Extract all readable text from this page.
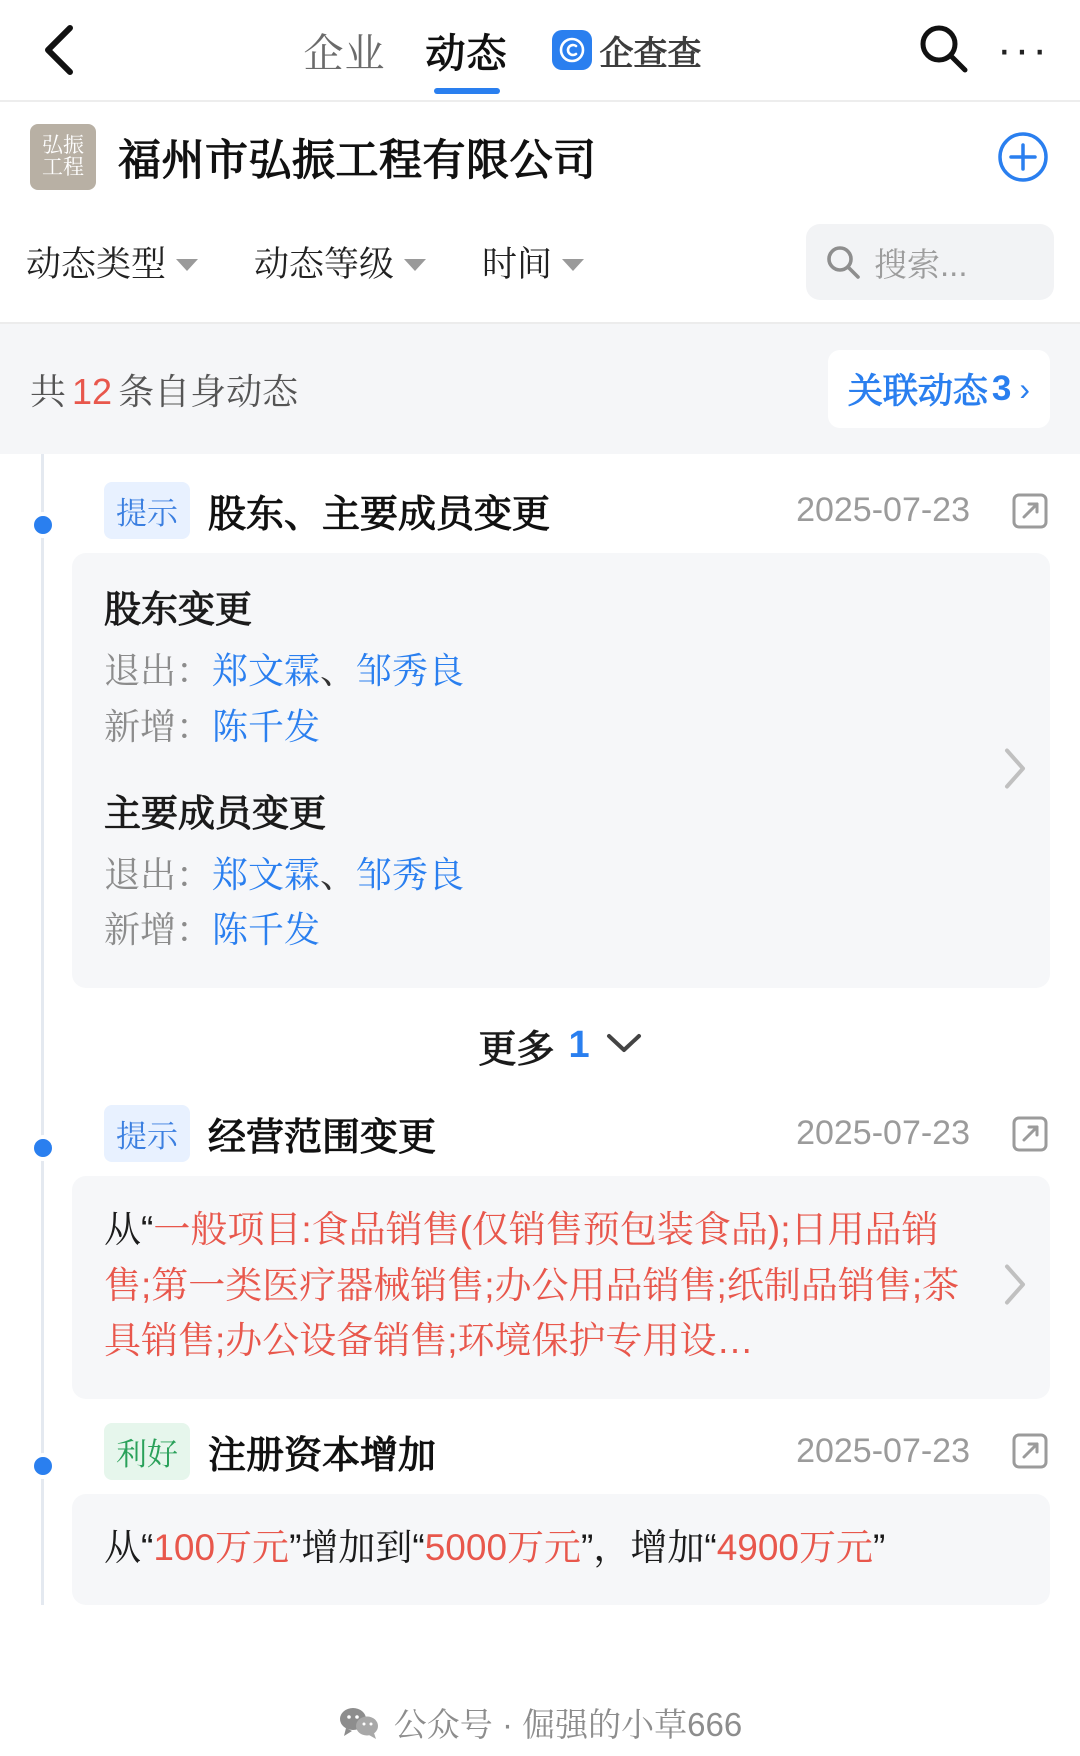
企业 动态	企查查	···
弘振
工程 福州市弘振工程有限公司
动态类型	动态等级	时间	搜索...
共 12 条自身动态	关联动态 3 ›
提示 股东、主要成员变更	2025-07-23
股东变更
退出：郑文霖、邹秀良
新增：陈千发
主要成员变更
退出：郑文霖、邹秀良
新增：陈千发
更多 1
提示 经营范围变更	2025-07-23
从“一般项目:食品销售(仅销售预包装食品);日用品销售;第一类医疗器械销售;办公用品销售;纸制品销售;茶具销售;办公设备销售;环境保护专用设…
利好 注册资本增加	2025-07-23
从“100万元”增加到“5000万元”，增加“4900万元”
公众号 · 倔强的小草666
